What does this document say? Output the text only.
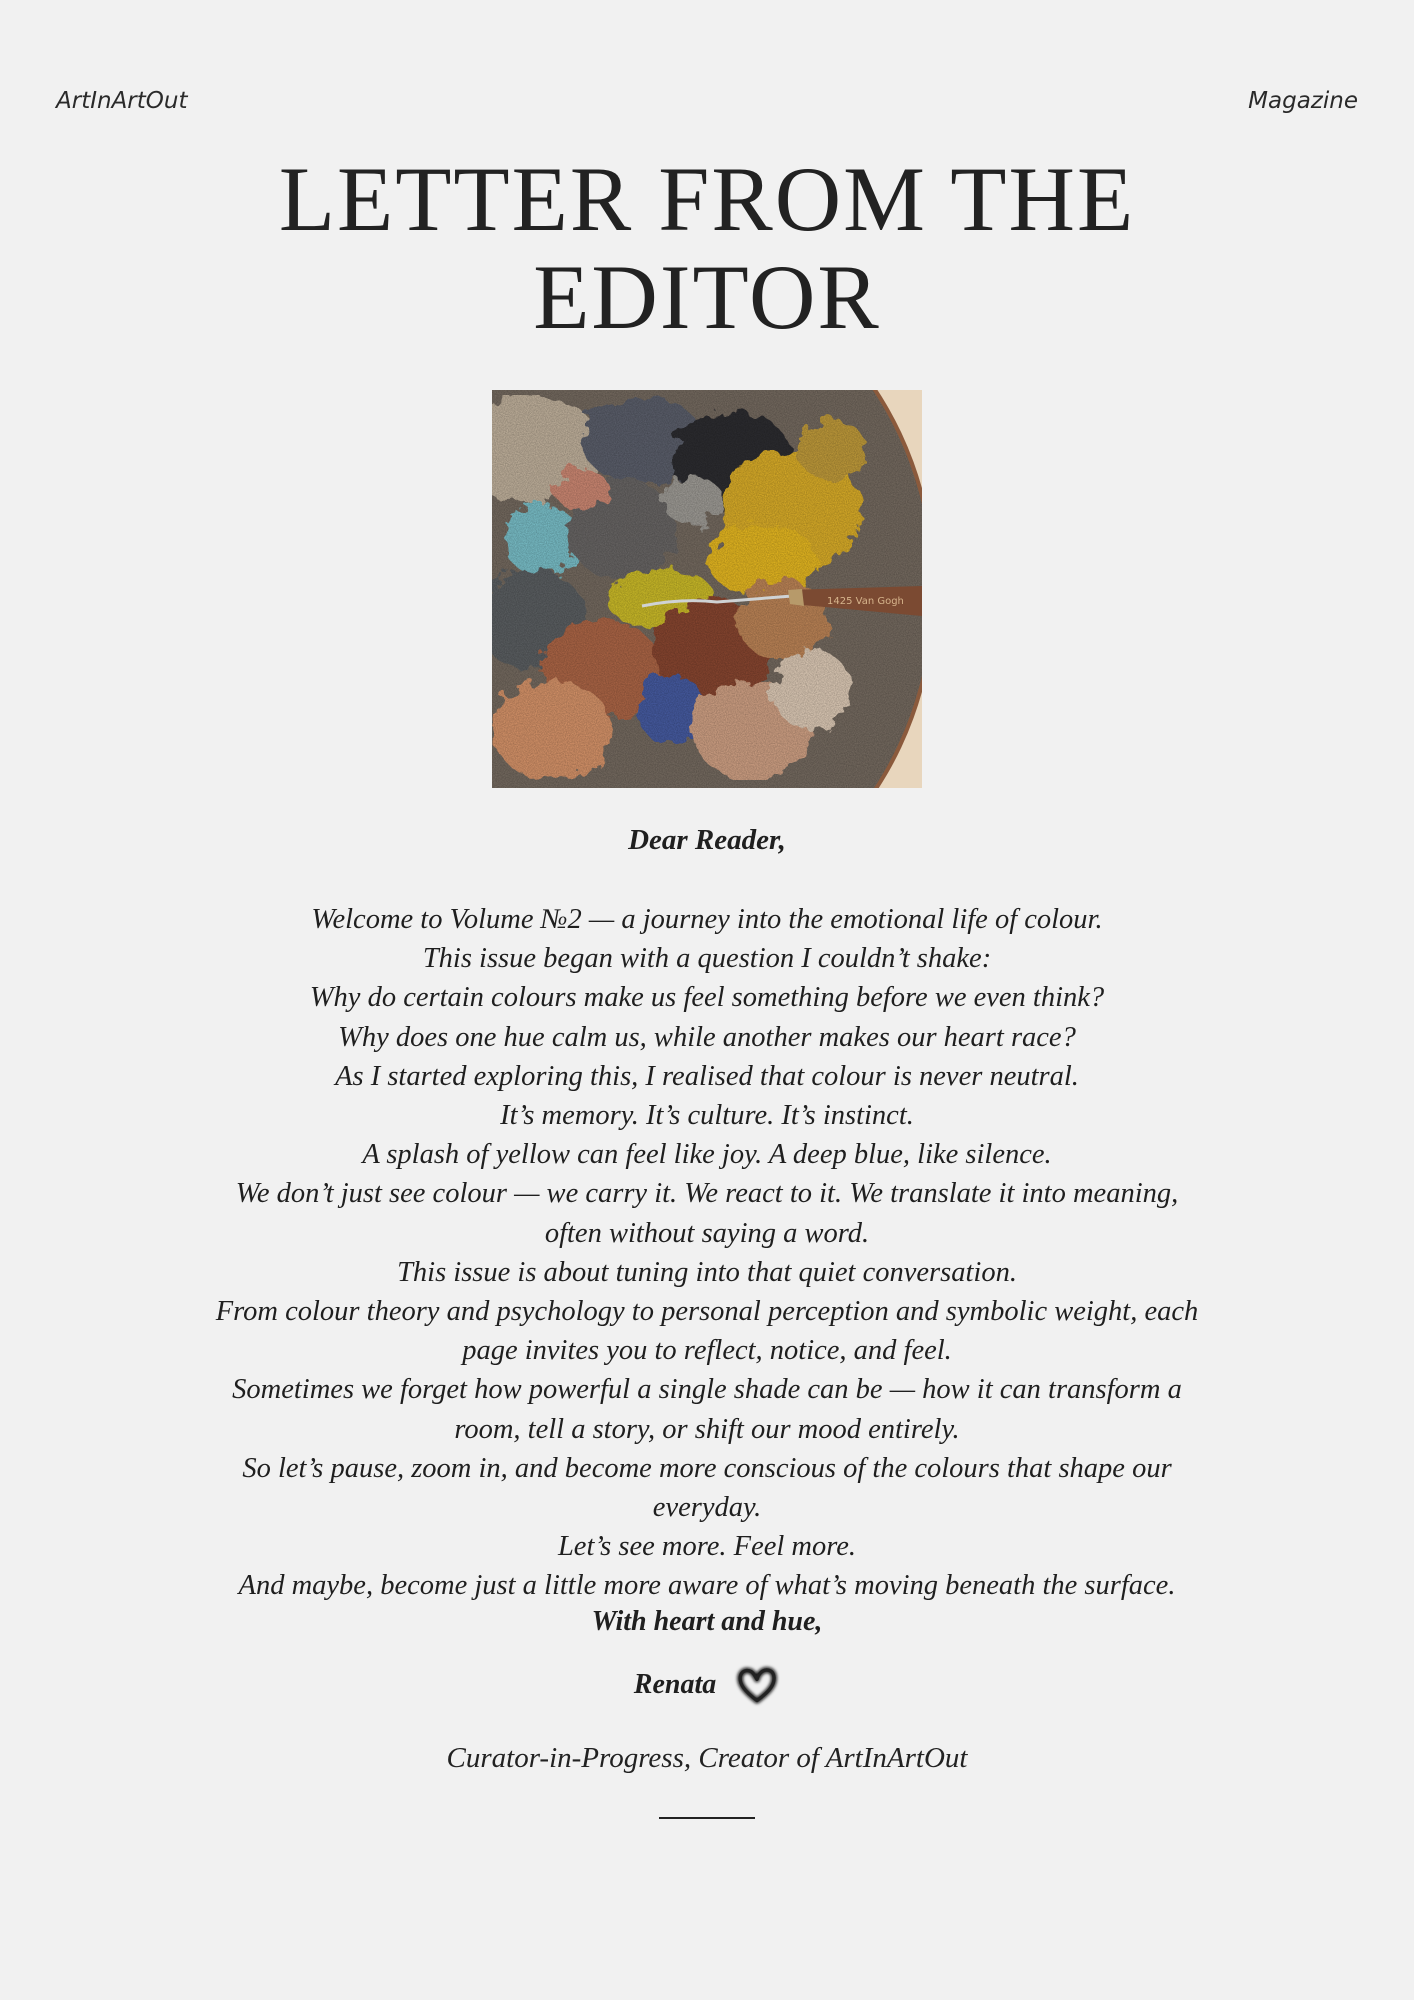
ArtInArtOut	Magazine
LETTER FROM THE
EDITOR
1425 Van Gogh
Dear Reader,
Welcome to Volume №2 — a journey into the emotional life of colour.
This issue began with a question I couldn’t shake:
Why do certain colours make us feel something before we even think?
Why does one hue calm us, while another makes our heart race?
As I started exploring this, I realised that colour is never neutral.
It’s memory. It’s culture. It’s instinct.
A splash of yellow can feel like joy. A deep blue, like silence.
We don’t just see colour — we carry it. We react to it. We translate it into meaning, often without saying a word.
This issue is about tuning into that quiet conversation.
From colour theory and psychology to personal perception and symbolic weight, each page invites you to reflect, notice, and feel.
Sometimes we forget how powerful a single shade can be — how it can transform a room, tell a story, or shift our mood entirely.
So let’s pause, zoom in, and become more conscious of the colours that shape our everyday.
Let’s see more. Feel more.
And maybe, become just a little more aware of what’s moving beneath the surface.
With heart and hue,
Renata
Curator-in-Progress, Creator of ArtInArtOut
